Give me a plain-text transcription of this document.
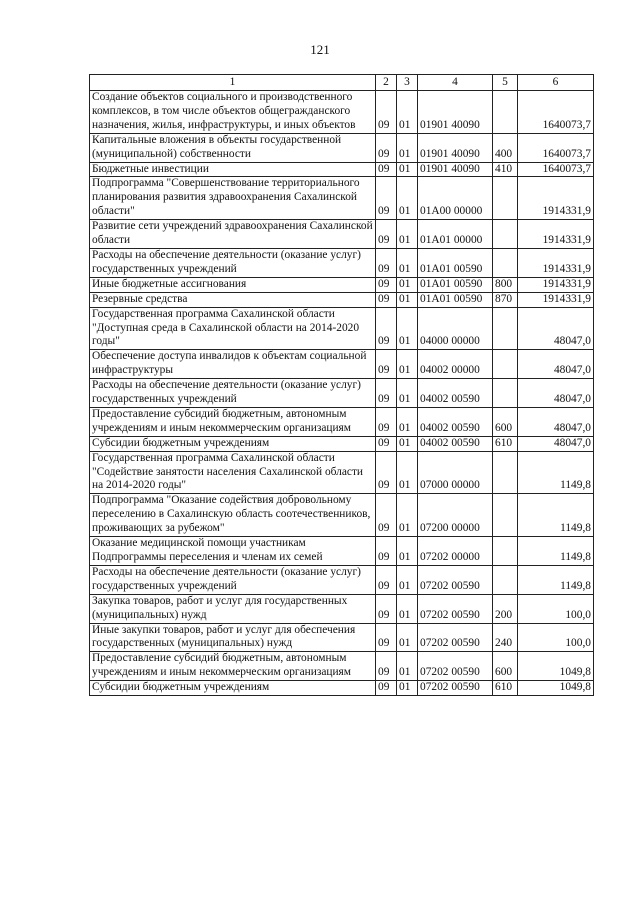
121
1	2	3	4	5	6
Создание объектов социального и производственного комплексов, в том числе объектов общегражданского назначения, жилья, инфраструктуры, и иных объектов	09	01	01901 40090		1640073,7
Капитальные вложения в объекты государственной (муниципальной) собственности	09	01	01901 40090	400	1640073,7
Бюджетные инвестиции	09	01	01901 40090	410	1640073,7
Подпрограмма "Совершенствование территориального планирования развития здравоохранения Сахалинской области"	09	01	01A00 00000		1914331,9
Развитие сети учреждений здравоохранения Сахалинской области	09	01	01A01 00000		1914331,9
Расходы на обеспечение деятельности (оказание услуг) государственных учреждений	09	01	01A01 00590		1914331,9
Иные бюджетные ассигнования	09	01	01A01 00590	800	1914331,9
Резервные средства	09	01	01A01 00590	870	1914331,9
Государственная программа Сахалинской области "Доступная среда в Сахалинской области на 2014-2020 годы"	09	01	04000 00000		48047,0
Обеспечение доступа инвалидов к объектам социальной инфраструктуры	09	01	04002 00000		48047,0
Расходы на обеспечение деятельности (оказание услуг) государственных учреждений	09	01	04002 00590		48047,0
Предоставление субсидий бюджетным, автономным учреждениям и иным некоммерческим организациям	09	01	04002 00590	600	48047,0
Субсидии бюджетным учреждениям	09	01	04002 00590	610	48047,0
Государственная программа Сахалинской области "Содействие занятости населения Сахалинской области на 2014-2020 годы"	09	01	07000 00000		1149,8
Подпрограмма "Оказание содействия добровольному переселению в Сахалинскую область соотечественников, проживающих за рубежом"	09	01	07200 00000		1149,8
Оказание медицинской помощи участникам Подпрограммы переселения и членам их семей	09	01	07202 00000		1149,8
Расходы на обеспечение деятельности (оказание услуг) государственных учреждений	09	01	07202 00590		1149,8
Закупка товаров, работ и услуг для государственных (муниципальных) нужд	09	01	07202 00590	200	100,0
Иные закупки товаров, работ и услуг для обеспечения государственных (муниципальных) нужд	09	01	07202 00590	240	100,0
Предоставление субсидий бюджетным, автономным учреждениям и иным некоммерческим организациям	09	01	07202 00590	600	1049,8
Субсидии бюджетным учреждениям	09	01	07202 00590	610	1049,8
